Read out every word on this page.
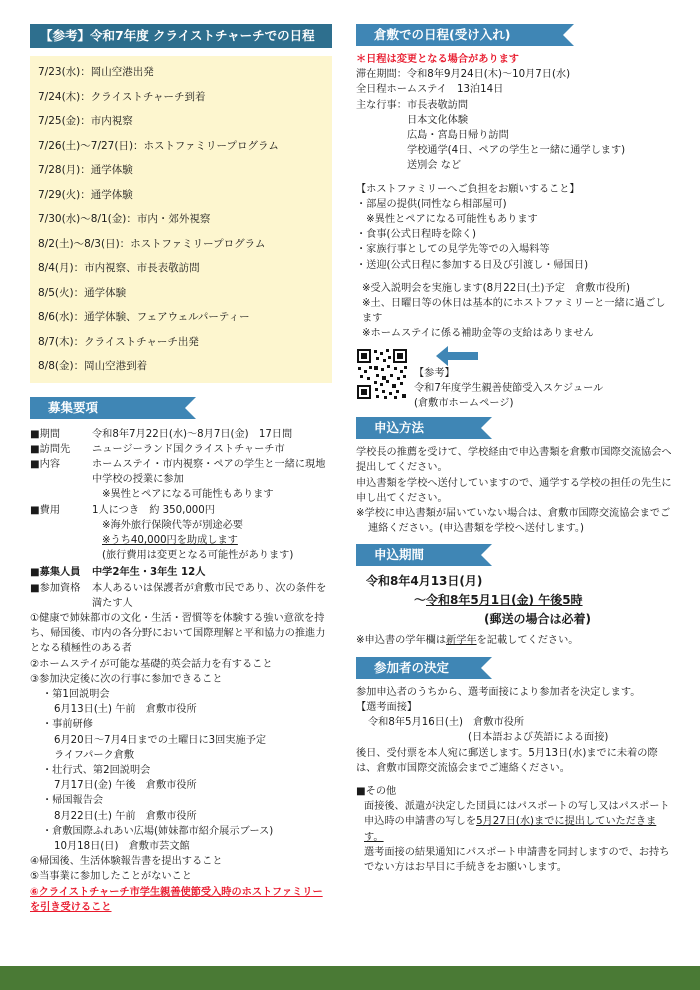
【参考】令和7年度 クライストチャーチでの日程
7/23(水)：岡山空港出発
7/24(木)：クライストチャーチ到着
7/25(金)：市内視察
7/26(土)～7/27(日)：ホストファミリープログラム
7/28(月)：通学体験
7/29(火)：通学体験
7/30(水)～8/1(金)：市内・郊外視察
8/2(土)～8/3(日)：ホストファミリープログラム
8/4(月)：市内視察、市長表敬訪問
8/5(火)：通学体験
8/6(水)：通学体験、フェアウェルパーティー
8/7(木)：クライストチャーチ出発
8/8(金)：岡山空港到着
募集要項
■期間	令和8年7月22日(水)～8月7日(金)　17日間
■訪問先	ニュージーランド国クライストチャーチ市
■内容	ホームステイ・市内視察・ペアの学生と一緒に現地中学校の授業に参加
※異性とペアになる可能性もあります
■費用	1人につき　約 350,000円
※海外旅行保険代等が別途必要
※うち40,000円を助成します
(旅行費用は変更となる可能性があります)
■募集人員	中学2年生・3年生 12人
■参加資格	本人あるいは保護者が倉敷市民であり、次の条件を満たす人

①健康で姉妹都市の文化・生活・習慣等を体験する強い意欲を持ち、帰国後、市内の各分野において国際理解と平和協力の推進力となる積極性のある者

②ホームステイが可能な基礎的英会話力を有すること

③参加決定後に次の行事に参加できること

・第1回説明会

6月13日(土) 午前　倉敷市役所

・事前研修

6月20日～7月4日までの土曜日に3回実施予定

ライフパーク倉敷

・壮行式、第2回説明会

7月17日(金) 午後　倉敷市役所

・帰国報告会

8月22日(土) 午前　倉敷市役所

・倉敷国際ふれあい広場(姉妹都市紹介展示ブース)

10月18日(日)　倉敷市芸文館

④帰国後、生活体験報告書を提出すること

⑤当事業に参加したことがないこと

⑥クライストチャーチ市学生親善使節受入時のホストファミリーを引き受けること

倉敷での日程(受け入れ)

＊日程は変更となる場合があります

滞在期間：令和8年9月24日(木)～10月7日(水)

全日程ホームステイ　13泊14日

主な行事： 市長表敬訪問

日本文化体験

広島・宮島日帰り訪問

学校通学(4日、ペアの学生と一緒に通学します)

送別会 など

【ホストファミリーへご負担をお願いすること】

・部屋の提供(同性なら相部屋可)

　※異性とペアになる可能性もあります

・食事(公式日程時を除く)

・家族行事としての見学先等での入場料等

・送迎(公式日程に参加する日及び引渡し・帰国日)

※受入説明会を実施します(8月22日(土)予定　倉敷市役所)

※土、日曜日等の休日は基本的にホストファミリーと一緒に過ごします

※ホームステイに係る補助金等の支給はありません

【参考】

令和7年度学生親善使節受入スケジュール

(倉敷市ホームページ)

申込方法

学校長の推薦を受けて、学校経由で申込書類を倉敷市国際交流協会へ提出してください。

申込書類を学校へ送付していますので、通学する学校の担任の先生に申し出てください。

※学校に申込書類が届いていない場合は、倉敷市国際交流協会までご連絡ください。(申込書類を学校へ送付します。)

申込期間

令和8年4月13日(月)

～令和8年5月1日(金) 午後5時

(郵送の場合は必着)

※申込書の学年欄は新学年を記載してください。

参加者の決定

参加申込者のうちから、選考面接により参加者を決定します。

【選考面接】

令和8年5月16日(土)　倉敷市役所

(日本語および英語による面接)

後日、受付票を本人宛に郵送します。5月13日(水)までに未着の際は、倉敷市国際交流協会までご連絡ください。

■その他

面接後、派遣が決定した団員にはパスポートの写し又はパスポート申込時の申請書の写しを5月27日(水)までに提出していただきます。

選考面接の結果通知にパスポート申請書を同封しますので、お持ちでない方はお早目に手続きをお願いします。
